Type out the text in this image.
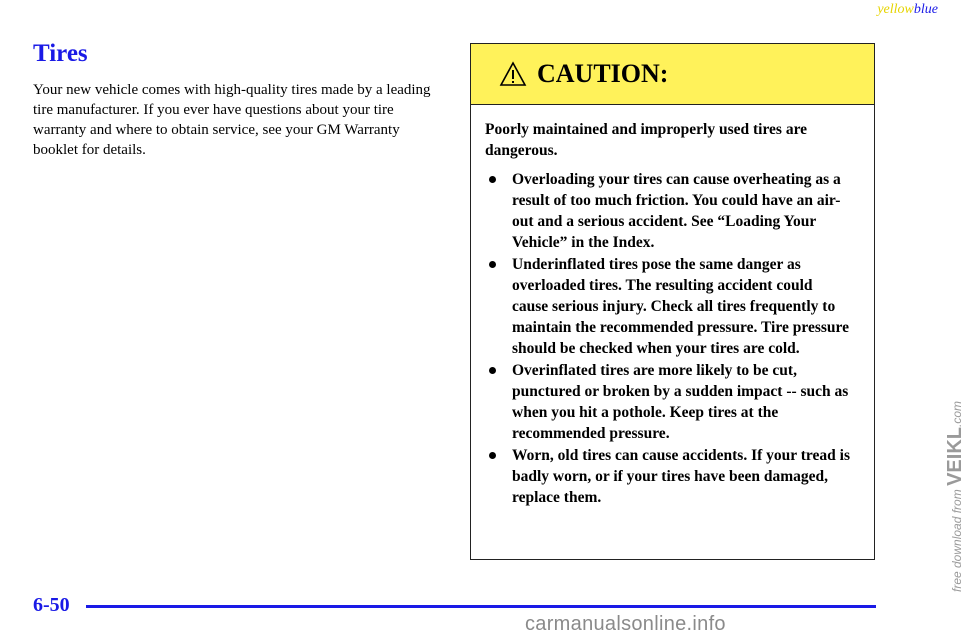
yellowblue
Tires

Your new vehicle comes with high-quality tires made by a leading tire manufacturer. If you ever have questions about your tire warranty and where to obtain service, see your GM Warranty booklet for details.

CAUTION:

Poorly maintained and improperly used tires are dangerous.

Overloading your tires can cause overheating as a result of too much friction. You could have an air-out and a serious accident. See “Loading Your Vehicle” in the Index.
Underinflated tires pose the same danger as overloaded tires. The resulting accident could cause serious injury. Check all tires frequently to maintain the recommended pressure. Tire pressure should be checked when your tires are cold.
Overinflated tires are more likely to be cut, punctured or broken by a sudden impact -- such as when you hit a pothole. Keep tires at the recommended pressure.
Worn, old tires can cause accidents. If your tread is badly worn, or if your tires have been damaged, replace them.
6-50
carmanualsonline.info
free download from VEIKL.com
